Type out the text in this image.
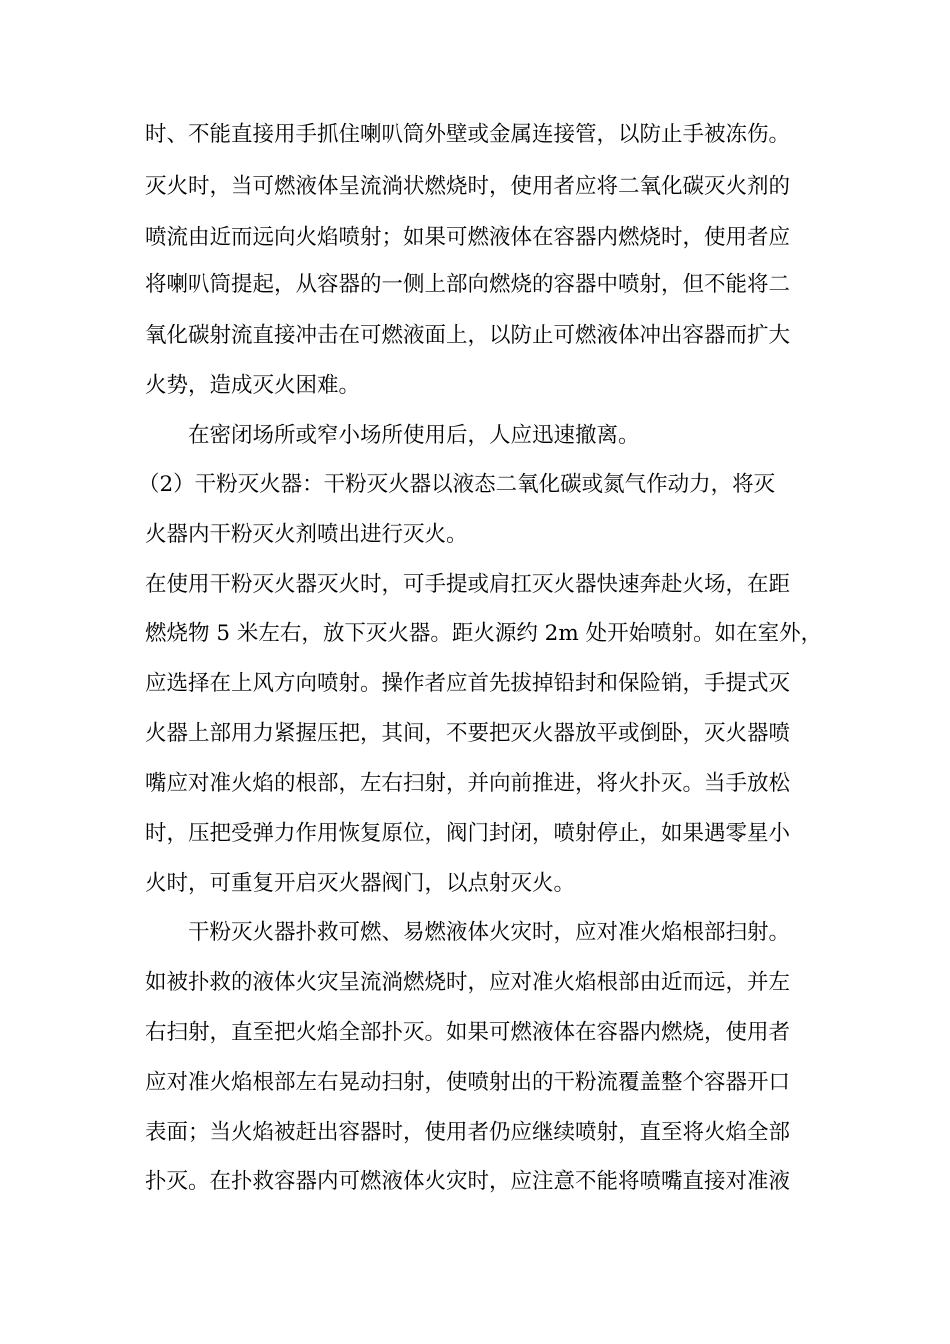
时、不能直接用手抓住喇叭筒外壁或金属连接管，以防止手被冻伤。
灭火时，当可燃液体呈流淌状燃烧时，使用者应将二氧化碳灭火剂的
喷流由近而远向火焰喷射；如果可燃液体在容器内燃烧时，使用者应
将喇叭筒提起，从容器的一侧上部向燃烧的容器中喷射，但不能将二
氧化碳射流直接冲击在可燃液面上，以防止可燃液体冲出容器而扩大
火势，造成灭火困难。
在密闭场所或窄小场所使用后，人应迅速撤离。
（2）干粉灭火器：干粉灭火器以液态二氧化碳或氮气作动力，将灭
火器内干粉灭火剂喷出进行灭火。
在使用干粉灭火器灭火时，可手提或肩扛灭火器快速奔赴火场，在距
燃烧物 5 米左右，放下灭火器。距火源约 2m 处开始喷射。如在室外，
应选择在上风方向喷射。操作者应首先拔掉铅封和保险销，手提式灭
火器上部用力紧握压把，其间，不要把灭火器放平或倒卧，灭火器喷
嘴应对准火焰的根部，左右扫射，并向前推进，将火扑灭。当手放松
时，压把受弹力作用恢复原位，阀门封闭，喷射停止，如果遇零星小
火时，可重复开启灭火器阀门，以点射灭火。
干粉灭火器扑救可燃、易燃液体火灾时，应对准火焰根部扫射。
如被扑救的液体火灾呈流淌燃烧时，应对准火焰根部由近而远，并左
右扫射，直至把火焰全部扑灭。如果可燃液体在容器内燃烧，使用者
应对准火焰根部左右晃动扫射，使喷射出的干粉流覆盖整个容器开口
表面；当火焰被赶出容器时，使用者仍应继续喷射，直至将火焰全部
扑灭。在扑救容器内可燃液体火灾时，应注意不能将喷嘴直接对准液
